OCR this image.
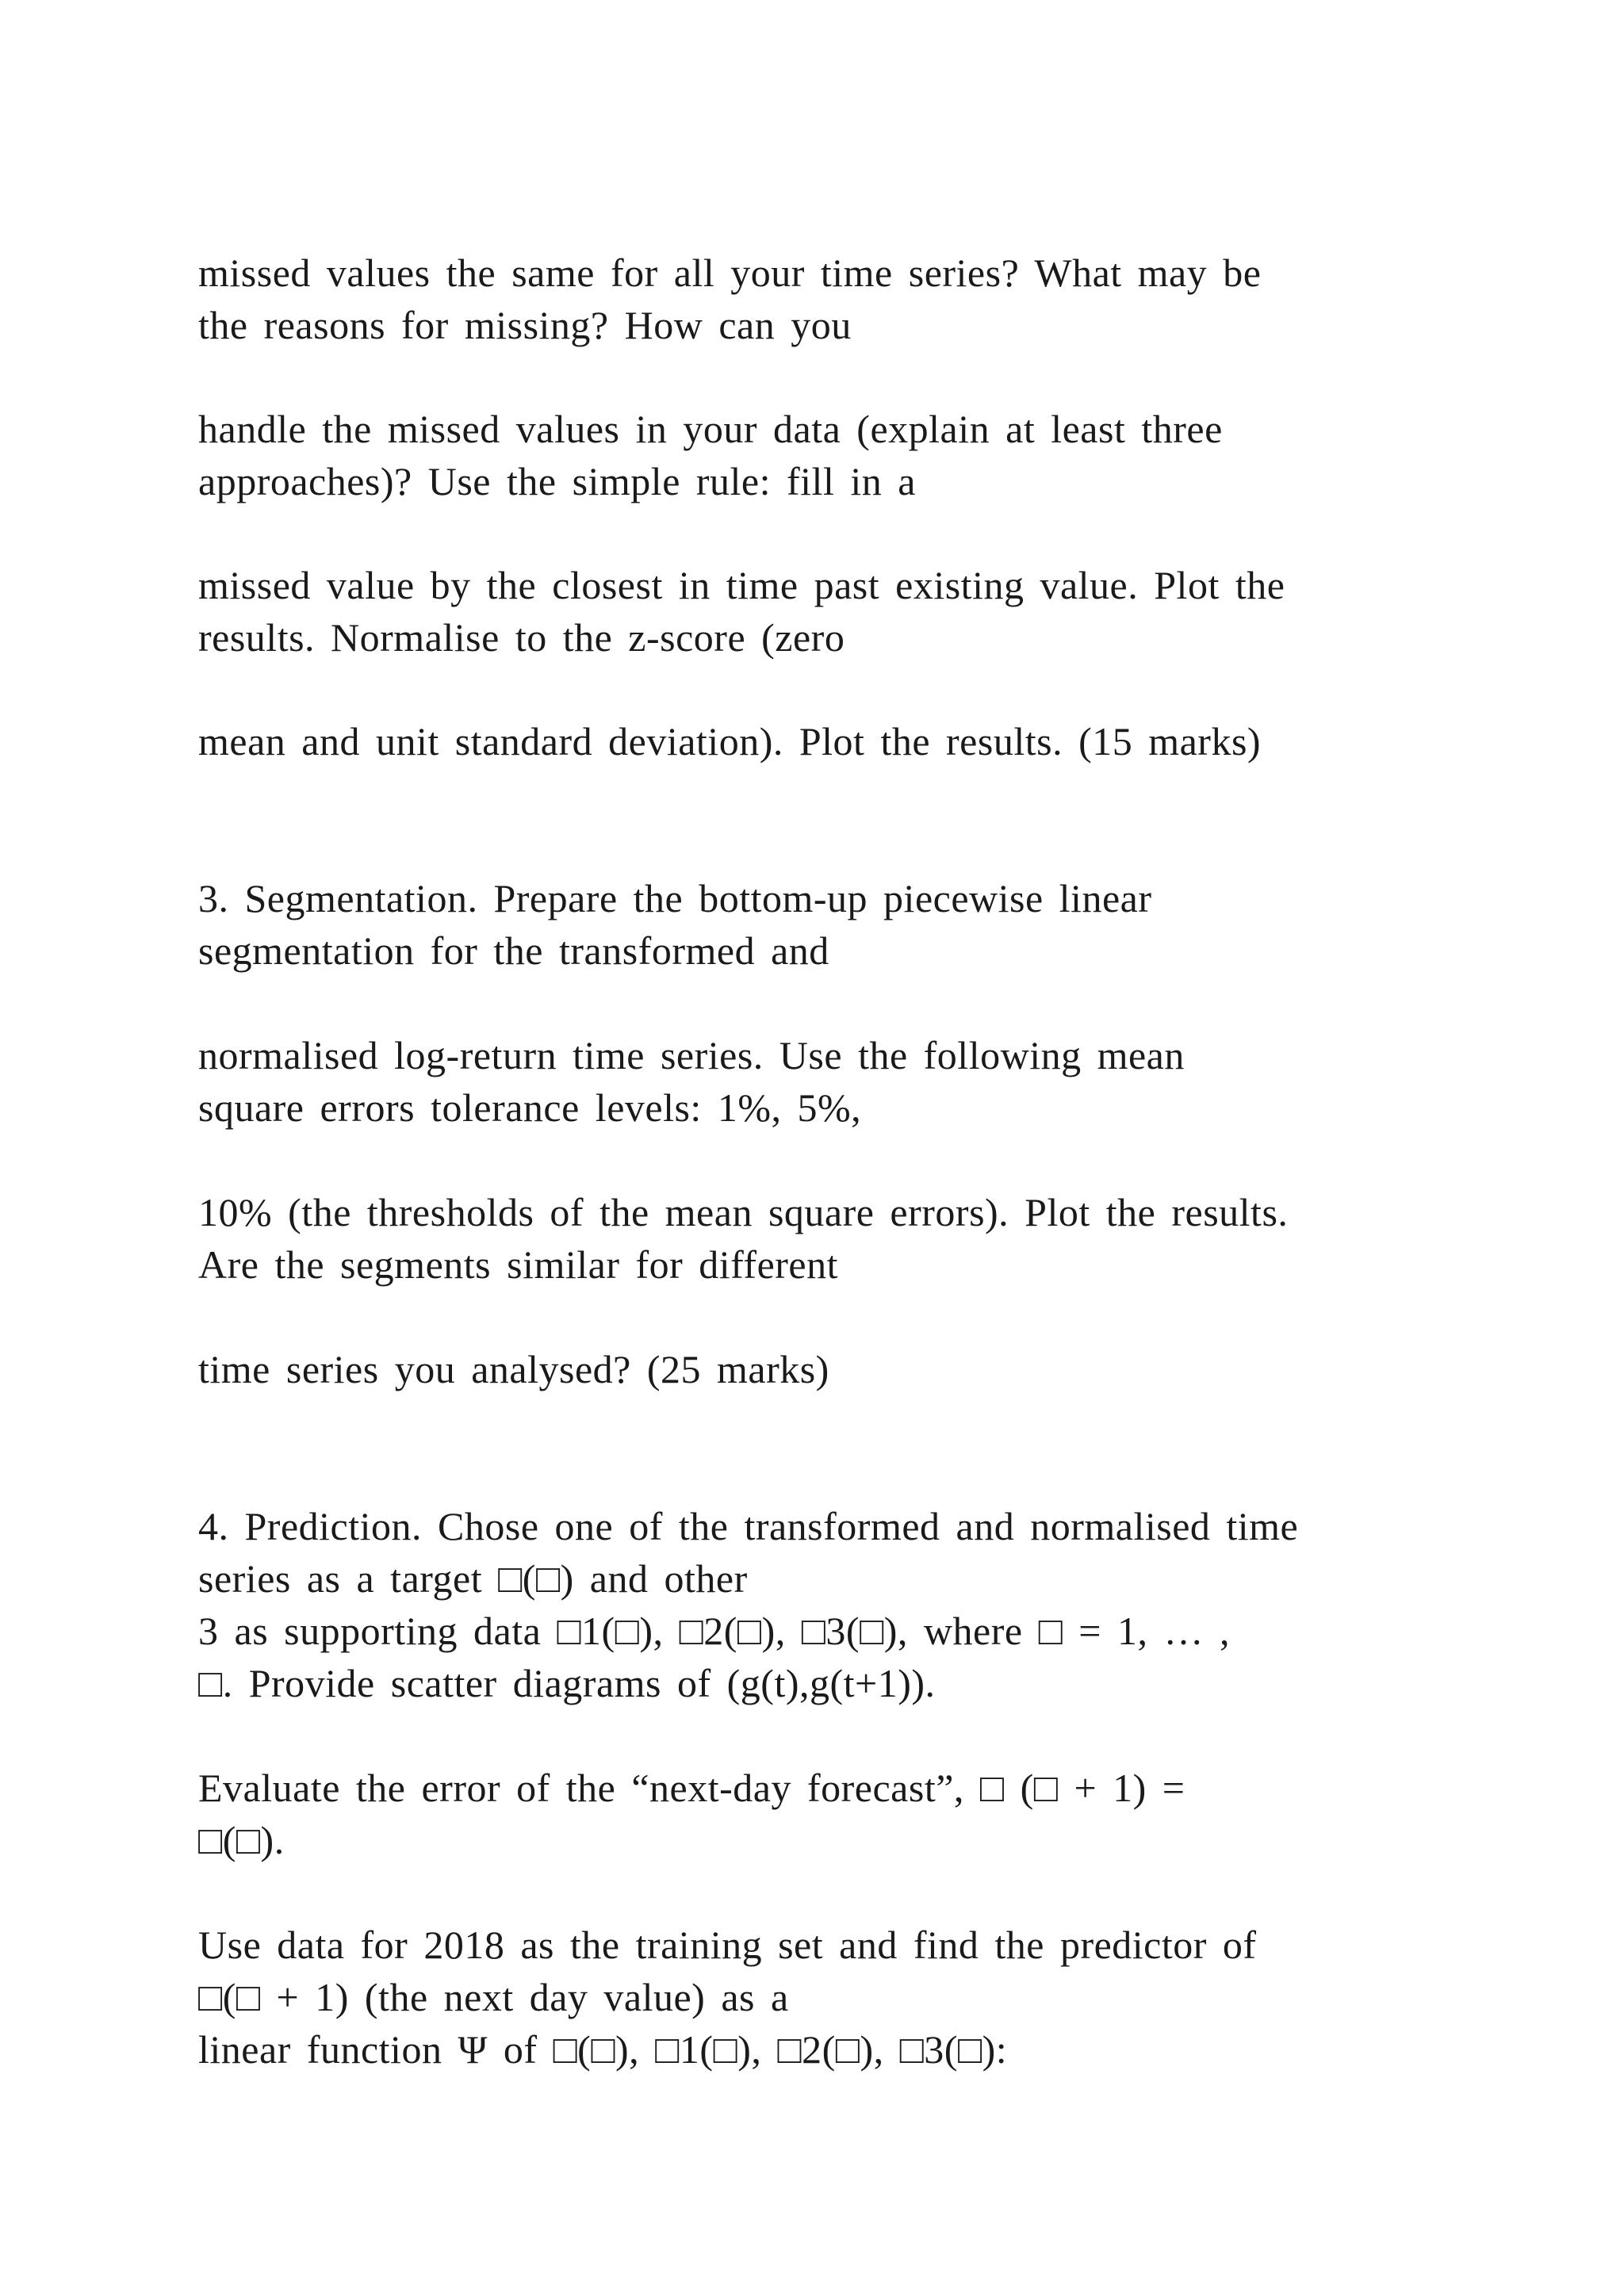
missed values the same for all your time series? What may be
the reasons for missing? How can you

handle the missed values in your data (explain at least three
approaches)? Use the simple rule: fill in a

missed value by the closest in time past existing value. Plot the
results. Normalise to the z-score (zero

mean and unit standard deviation). Plot the results. (15 marks)

3. Segmentation. Prepare the bottom-up piecewise linear
segmentation for the transformed and

normalised log-return time series. Use the following mean
square errors tolerance levels: 1%, 5%,

10% (the thresholds of the mean square errors). Plot the results.
Are the segments similar for different

time series you analysed? (25 marks)

4. Prediction. Chose one of the transformed and normalised time
series as a target □(□) and other
3 as supporting data □1(□), □2(□), □3(□), where □ = 1, … ,
□. Provide scatter diagrams of (g(t),g(t+1)).

Evaluate the error of the “next-day forecast”, □ (□ + 1) =
□(□).

Use data for 2018 as the training set and find the predictor of
□(□ + 1) (the next day value) as a
linear function Ψ of □(□), □1(□), □2(□), □3(□):
